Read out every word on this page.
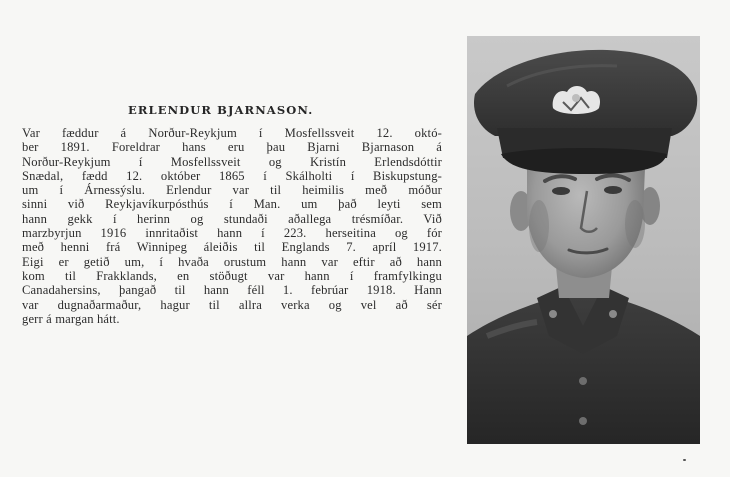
ERLENDUR BJARNASON.
Var fæddur á Norður-Reykjum í Mosfellssveit 12. októ-
ber 1891. Foreldrar hans eru þau Bjarni Bjarnason á
Norður-Reykjum í Mosfellssveit og Kristín Erlendsdóttir
Snædal, fædd 12. október 1865 í Skálholti í Biskupstung-
um í Árnessýslu. Erlendur var til heimilis með móður
sinni við Reykjavíkurpósthús í Man. um það leyti sem
hann gekk í herinn og stundaði aðallega trésmíðar. Við
marzbyrjun 1916 innritaðist hann í 223. herseitina og fór
með henni frá Winnipeg áleiðis til Englands 7. apríl 1917.
Eigi er getið um, í hvaða orustum hann var eftir að hann
kom til Frakklands, en stöðugt var hann í framfylkingu
Canadahersins, þangað til hann féll 1. febrúar 1918. Hann
var dugnaðarmaður, hagur til allra verka og vel að sér
gerr á margan hátt.
